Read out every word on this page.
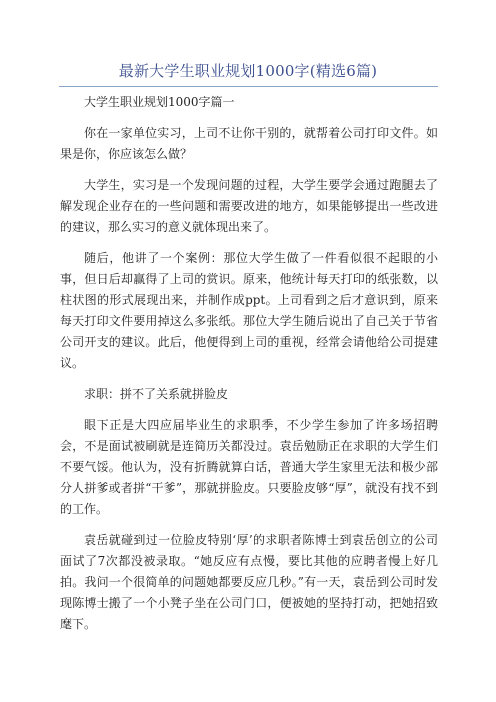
最新大学生职业规划1000字(精选6篇)

大学生职业规划1000字篇一

你在一家单位实习，上司不让你干别的，就帮着公司打印文件。如果是你，你应该怎么做？

大学生，实习是一个发现问题的过程，大学生要学会通过跑腿去了解发现企业存在的一些问题和需要改进的地方，如果能够提出一些改进的建议，那么实习的意义就体现出来了。

随后，他讲了一个案例：那位大学生做了一件看似很不起眼的小事，但日后却赢得了上司的赏识。原来，他统计每天打印的纸张数，以柱状图的形式展现出来，并制作成ppt。上司看到之后才意识到，原来每天打印文件要用掉这么多张纸。那位大学生随后说出了自己关于节省公司开支的建议。此后，他便得到上司的重视，经常会请他给公司提建议。

求职：拼不了关系就拼脸皮

眼下正是大四应届毕业生的求职季，不少学生参加了许多场招聘会，不是面试被刷就是连简历关都没过。袁岳勉励正在求职的大学生们不要气馁。他认为，没有折腾就算白话，普通大学生家里无法和极少部分人拼爹或者拼“干爹”，那就拼脸皮。只要脸皮够“厚”，就没有找不到的工作。

袁岳就碰到过一位脸皮特别‘厚’的求职者陈博士到袁岳创立的公司面试了7次都没被录取。“她反应有点慢，要比其他的应聘者慢上好几拍。我问一个很简单的问题她都要反应几秒。”有一天，袁岳到公司时发现陈博士搬了一个小凳子坐在公司门口，便被她的坚持打动，把她招致麾下。
